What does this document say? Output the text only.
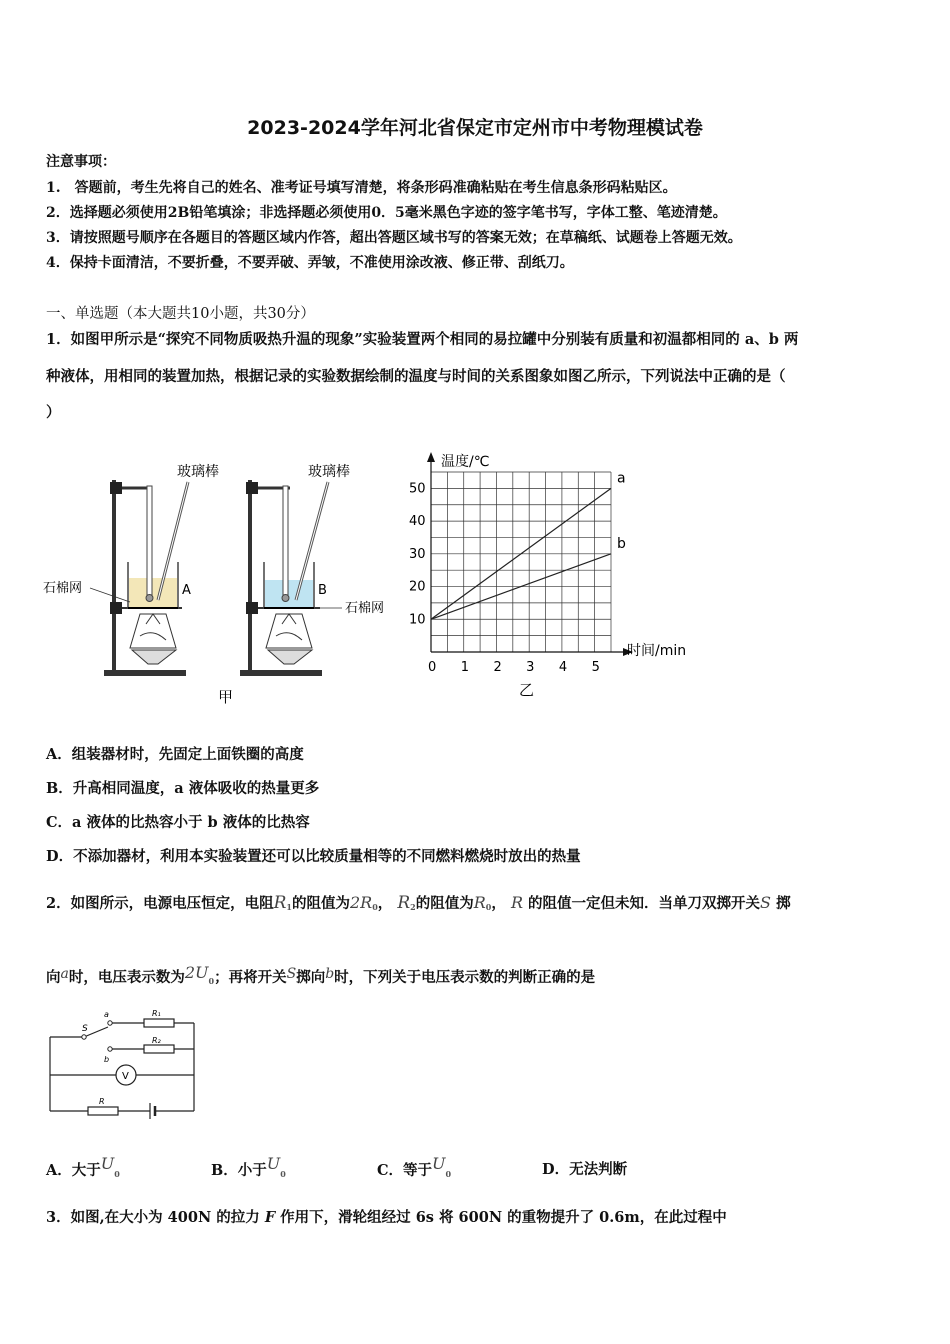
2023-2024学年河北省保定市定州市中考物理模试卷
注意事项：
1.　答题前，考生先将自己的姓名、准考证号填写清楚，将条形码准确粘贴在考生信息条形码粘贴区。
2．选择题必须使用2B铅笔填涂；非选择题必须使用0．5毫米黑色字迹的签字笔书写，字体工整、笔迹清楚。
3．请按照题号顺序在各题目的答题区域内作答，超出答题区域书写的答案无效；在草稿纸、试题卷上答题无效。
4．保持卡面清洁，不要折叠，不要弄破、弄皱，不准使用涂改液、修正带、刮纸刀。
一、单选题（本大题共10小题，共30分）
1．如图甲所示是“探究不同物质吸热升温的现象”实验装置两个相同的易拉罐中分别装有质量和初温都相同的 a、b 两
种液体，用相同的装置加热，根据记录的实验数据绘制的温度与时间的关系图象如图乙所示，下列说法中正确的是（
）
玻璃棒
石棉网	A
玻璃棒
B
石棉网
甲
温度/℃
时间/min
0 1 2 3 4 5
10
20
30
40
50
a
b
乙
A．组装器材时，先固定上面铁圈的高度
B．升高相同温度，a 液体吸收的热量更多
C．a 液体的比热容小于 b 液体的比热容
D．不添加器材，利用本实验装置还可以比较质量相等的不同燃料燃烧时放出的热量
2．如图所示，电源电压恒定，电阻$R_1$的阻值为$2R_0$， $R_2$的阻值为$R_0$， R 的阻值一定但未知．当单刀双掷开关S 掷
向a时，电压表示数为$2U_0$；再将开关S掷向b时，下列关于电压表示数的判断正确的是
S
a
b
R₁
R₂
V
R
A．大于$U_0$	B．小于$U_0$	C．等于$U_0$	D．无法判断
3．如图,在大小为 400N 的拉力 F 作用下，滑轮组经过 6s 将 600N 的重物提升了 0.6m，在此过程中
